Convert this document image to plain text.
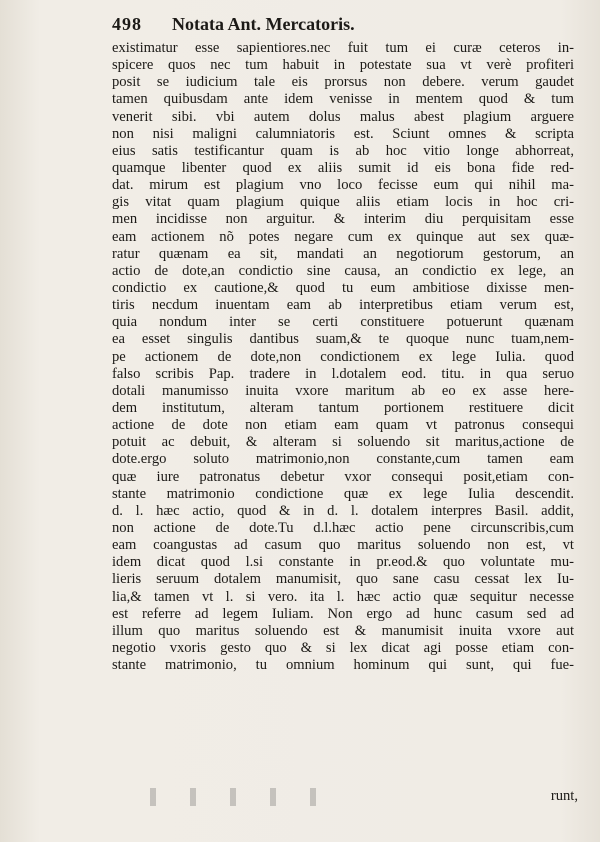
498 Notata Ant. Mercatoris.
existimatur esse sapientiores.nec fuit tum ei curæ ceteros in-
spicere quos nec tum habuit in potestate sua vt verè profiteri
posit se iudicium tale eis prorsus non debere. verum gaudet
tamen quibusdam ante idem venisse in mentem quod & tum
venerit sibi. vbi autem dolus malus abest plagium arguere
non nisi maligni calumniatoris est. Sciunt omnes & scripta
eius satis testificantur quam is ab hoc vitio longe abhorreat,
quamque libenter quod ex aliis sumit id eis bona fide red-
dat. mirum est plagium vno loco fecisse eum qui nihil ma-
gis vitat quam plagium quique aliis etiam locis in hoc cri-
men incidisse non arguitur. & interim diu perquisitam esse
eam actionem nõ potes negare cum ex quinque aut sex quæ-
ratur quænam ea sit, mandati an negotiorum gestorum, an
actio de dote,an condictio sine causa, an condictio ex lege, an
condictio ex cautione,& quod tu eum ambitiose dixisse men-
tiris necdum inuentam eam ab interpretibus etiam verum est,
quia nondum inter se certi constituere potuerunt quænam
ea esset singulis dantibus suam,& te quoque nunc tuam,nem-
pe actionem de dote,non condictionem ex lege Iulia. quod
falso scribis Pap. tradere in l.dotalem eod. titu. in qua seruo
dotali manumisso inuita vxore maritum ab eo ex asse here-
dem institutum, alteram tantum portionem restituere dicit
actione de dote non etiam eam quam vt patronus consequi
potuit ac debuit, & alteram si soluendo sit maritus,actione de
dote.ergo soluto matrimonio,non constante,cum tamen eam
quæ iure patronatus debetur vxor consequi posit,etiam con-
stante matrimonio condictione quæ ex lege Iulia descendit.
d. l. hæc actio, quod & in d. l. dotalem interpres Basil. addit,
non actione de dote.Tu d.l.hæc actio pene circunscribis,cum
eam coangustas ad casum quo maritus soluendo non est, vt
idem dicat quod l.si constante in pr.eod.& quo voluntate mu-
lieris seruum dotalem manumisit, quo sane casu cessat lex Iu-
lia,& tamen vt l. si vero. ita l. hæc actio quæ sequitur necesse
est referre ad legem Iuliam. Non ergo ad hunc casum sed ad
illum quo maritus soluendo est & manumisit inuita vxore aut
negotio vxoris gesto quo & si lex dicat agi posse etiam con-
stante matrimonio, tu omnium hominum qui sunt, qui fue-
runt,
